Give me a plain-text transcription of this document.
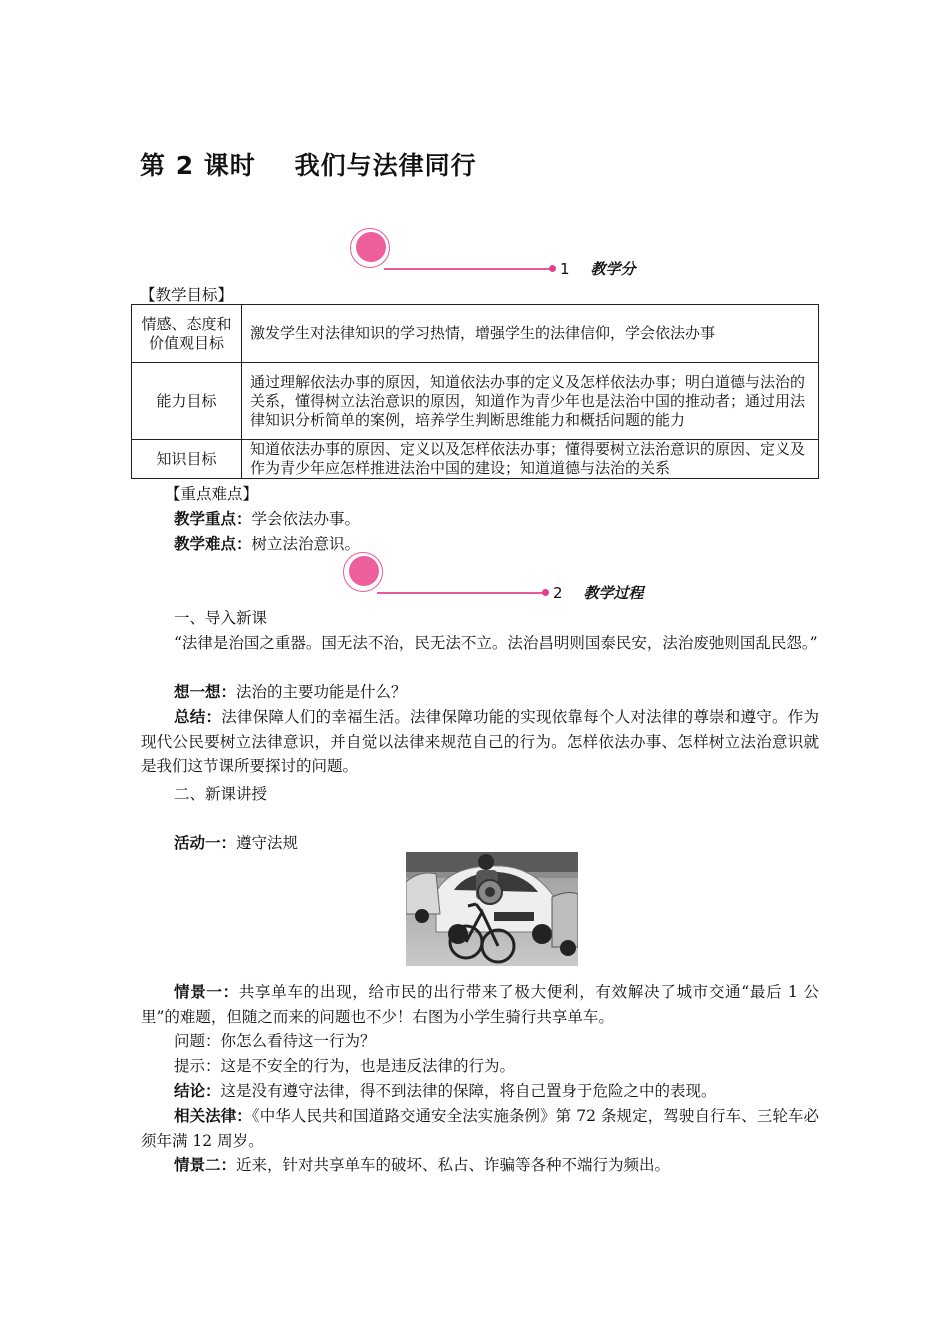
第 2 课时    我们与法律同行
1 教学分
【教学目标】
情感、态度和价值观目标	激发学生对法律知识的学习热情，增强学生的法律信仰，学会依法办事
能力目标	通过理解依法办事的原因，知道依法办事的定义及怎样依法办事；明白道德与法治的关系，懂得树立法治意识的原因，知道作为青少年也是法治中国的推动者；通过用法律知识分析简单的案例，培养学生判断思维能力和概括问题的能力
知识目标	知道依法办事的原因、定义以及怎样依法办事；懂得要树立法治意识的原因、定义及作为青少年应怎样推进法治中国的建设；知道道德与法治的关系
【重点难点】
教学重点：学会依法办事。
教学难点：树立法治意识。
2 教学过程
一、导入新课
“法律是治国之重器。国无法不治，民无法不立。法治昌明则国泰民安，法治废弛则国乱民怨。”
想一想：法治的主要功能是什么？
总结：法律保障人们的幸福生活。法律保障功能的实现依靠每个人对法律的尊崇和遵守。作为现代公民要树立法律意识，并自觉以法律来规范自己的行为。怎样依法办事、怎样树立法治意识就是我们这节课所要探讨的问题。
二、新课讲授
活动一：遵守法规
情景一：共享单车的出现，给市民的出行带来了极大便利，有效解决了城市交通“最后 1 公里”的难题，但随之而来的问题也不少！右图为小学生骑行共享单车。
问题：你怎么看待这一行为？
提示：这是不安全的行为，也是违反法律的行为。
结论：这是没有遵守法律，得不到法律的保障，将自己置身于危险之中的表现。
相关法律：《中华人民共和国道路交通安全法实施条例》第 72 条规定，驾驶自行车、三轮车必须年满 12 周岁。
情景二：近来，针对共享单车的破坏、私占、诈骗等各种不端行为频出。
